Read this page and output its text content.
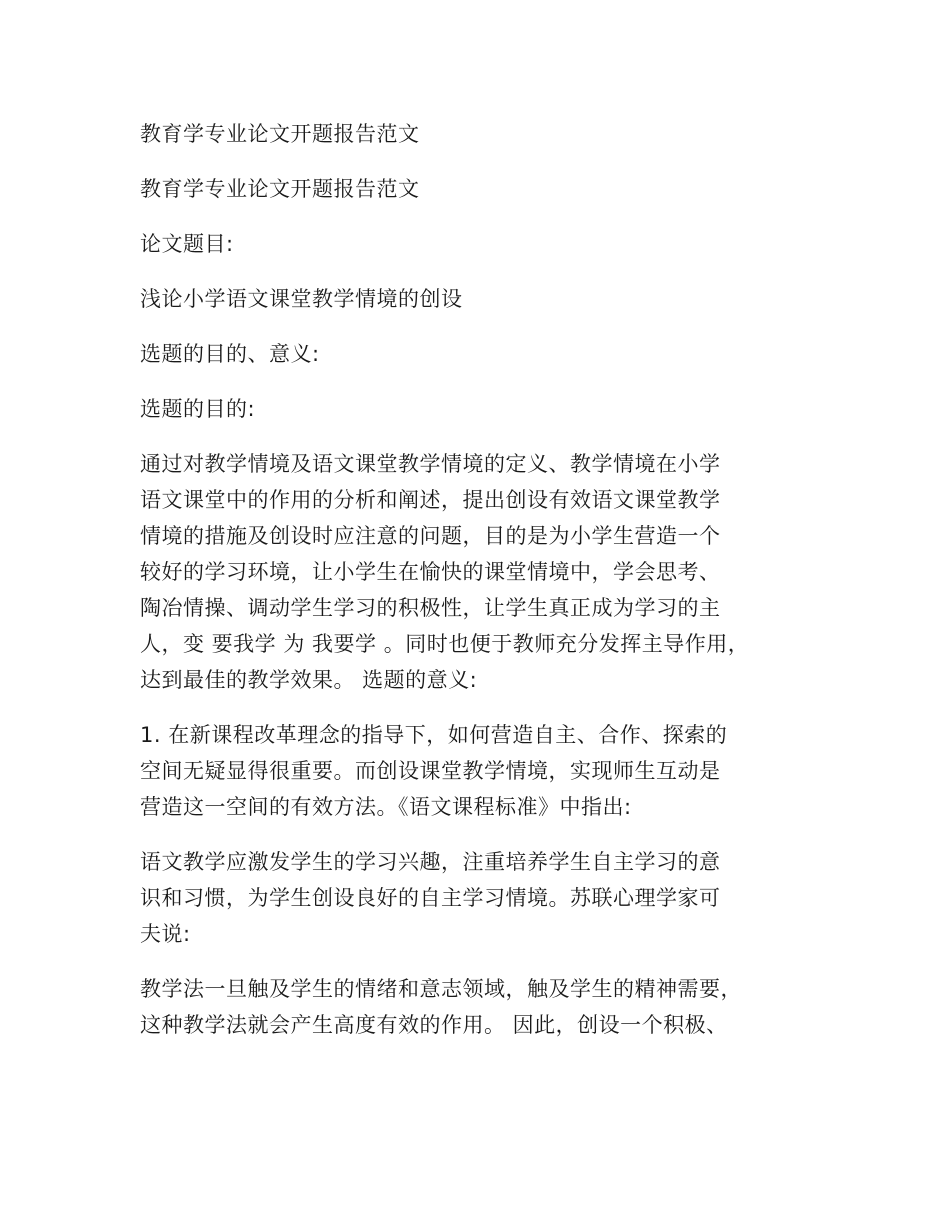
教育学专业论文开题报告范文

教育学专业论文开题报告范文

论文题目:

浅论小学语文课堂教学情境的创设

选题的目的、意义:

选题的目的:

通过对教学情境及语文课堂教学情境的定义、教学情境在小学
语文课堂中的作用的分析和阐述，提出创设有效语文课堂教学
情境的措施及创设时应注意的问题，目的是为小学生营造一个
较好的学习环境，让小学生在愉快的课堂情境中，学会思考、
陶冶情操、调动学生学习的积极性，让学生真正成为学习的主
人，变 要我学 为 我要学 。同时也便于教师充分发挥主导作用，
达到最佳的教学效果。 选题的意义:
1. 在新课程改革理念的指导下，如何营造自主、合作、探索的
空间无疑显得很重要。而创设课堂教学情境，实现师生互动是
营造这一空间的有效方法。《语文课程标准》中指出:
语文教学应激发学生的学习兴趣，注重培养学生自主学习的意
识和习惯，为学生创设良好的自主学习情境。苏联心理学家可
夫说:
教学法一旦触及学生的情绪和意志领域，触及学生的精神需要，
这种教学法就会产生高度有效的作用。 因此，创设一个积极、
